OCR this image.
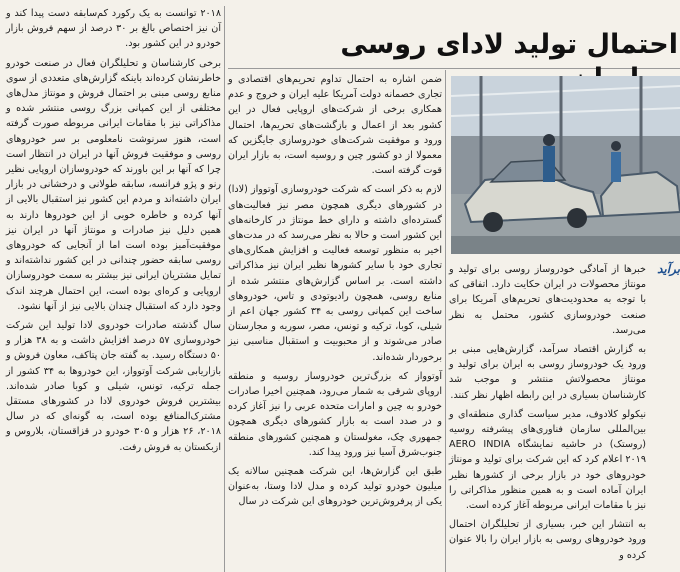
احتمال تولید لادای روسی
برآید

۲۰۱۸ توانست به یک رکورد کم‌سابقه دست پیدا کند و آن نیز اختصاص بالغ بر ۳۰ درصد از سهم فروش بازار خودرو در این کشور بود.

برخی کارشناسان و تحلیلگران فعال در صنعت خودرو خاطرنشان کرده‌اند باینکه گزارش‌های متعددی از سوی منابع روسی مبنی بر احتمال فروش و مونتاژ مدل‌های مختلفی از این کمپانی بزرگ روسی منتشر شده و مذاکراتی نیز با مقامات ایرانی مربوطه صورت گرفته است، هنوز سرنوشت نامعلومی بر سر خودروهای روسی و موفقیت فروش آنها در ایران در انتظار است چرا که آنها بر این باورند که خودروسازان اروپایی نظیر رنو و پژو فرانسه، سابقه طولانی و درخشانی در بازار ایران داشته‌اند و مردم این کشور نیز استقبال بالایی از آنها کرده و خاطره خوبی از این خودروها دارند به همین دلیل نیز صادرات و مونتاژ آنها در ایران نیز موفقیت‌آمیز بوده است اما از آنجایی که خودروهای روسی سابقه حضور چندانی در این کشور نداشته‌اند و تمایل مشتریان ایرانی نیز بیشتر به سمت خودروسازان اروپایی و کره‌ای بوده است، این احتمال هرچند اندک وجود دارد که استقبال چندان بالایی نیز از آنها نشود.

سال گذشته صادرات خودروی لادا تولید این شرکت خودروسازی ۵۷ درصد افزایش داشت و به ۳۸ هزار و ۵۰ دستگاه رسید. به گفته جان پتاکف، معاون فروش و بازاریابی شرکت آوتوواز، این خودروها به ۳۴ کشور از جمله ترکیه، تونس، شیلی و کوبا صادر شده‌اند. بیشترین فروش خودروی لادا در کشورهای مستقل مشترک‌المنافع بوده است، به گونه‌ای که در سال ۲۰۱۸، ۲۶ هزار و ۳۰۵ خودرو در قزاقستان، بلاروس و ازبکستان به فروش رفت.

ضمن اشاره به احتمال تداوم تحریم‌های اقتصادی و تجاری خصمانه دولت آمریکا علیه ایران و خروج و عدم همکاری برخی از شرکت‌های اروپایی فعال در این کشور بعد از اعمال و بازگشت‌های تحریم‌ها، احتمال ورود و موفقیت شرکت‌های خودروسازی جایگزین که معمولا از دو کشور چین و روسیه است، به بازار ایران قوت گرفته است.

لازم به ذکر است که شرکت خودروسازی آوتوواز (لادا) در کشورهای دیگری همچون مصر نیز فعالیت‌های گسترده‌ای داشته و دارای خط مونتاژ در کارخانه‌های این کشور است و حالا به نظر می‌رسد که در مدت‌های اخیر به منظور توسعه فعالیت و افزایش همکاری‌های تجاری خود با سایر کشورها نظیر ایران نیز مذاکراتی داشته است. بر اساس گزارش‌های منتشر شده از منابع روسی، همچون رادیوتودی و تاس، خودروهای ساخت این کمپانی روسی به ۳۴ کشور جهان اعم از شیلی، کوبا، ترکیه و تونس، مصر، سوریه و مجارستان صادر می‌شوند و از محبوبیت و استقبال مناسبی نیز برخوردار شده‌اند.

آوتوواز که بزرگ‌ترین خودروساز روسیه و منطقه اروپای شرقی به شمار می‌رود، همچنین اخیرا صادرات خودرو به چین و امارات متحده عربی را نیز آغاز کرده و در صدد است به بازار کشورهای دیگری همچون جمهوری چک، مغولستان و همچنین کشورهای منطقه جنوب‌شرق آسیا نیز ورود پیدا کند.

طبق این گزارش‌ها، این شرکت همچنین سالانه یک میلیون خودرو تولید کرده و مدل لادا وستا، به‌عنوان یکی از پرفروش‌ترین خودروهای این شرکت در سال

خبرها از آمادگی خودروساز روسی برای تولید و مونتاژ محصولات در ایران حکایت دارد. اتفاقی که با توجه به محدودیت‌های تحریم‌های آمریکا برای صنعت خودروسازی کشور، محتمل به نظر می‌رسد.

به گزارش اقتصاد سرآمد، گزارش‌هایی مبنی بر ورود یک خودروساز روسی به ایران برای تولید و مونتاژ محصولاتش منتشر و موجب شد کارشناسان بسیاری در این رابطه اظهار نظر کنند.

نیکولو کلادوف، مدیر سیاست گذاری منطقه‌ای و بین‌المللی سازمان فناوری‌های پیشرفته روسیه (روستک) در حاشیه نمایشگاه AERO INDIA ۲۰۱۹ اعلام کرد که این شرکت برای تولید و مونتاژ خودروهای خود در بازار برخی از کشورها نظیر ایران آماده است و به همین منظور مذاکراتی را نیز با مقامات ایرانی مربوطه آغاز کرده است.

به انتشار این خبر، بسیاری از تحلیلگران احتمال ورود خودروهای روسی به بازار ایران را بالا عنوان کرده و
